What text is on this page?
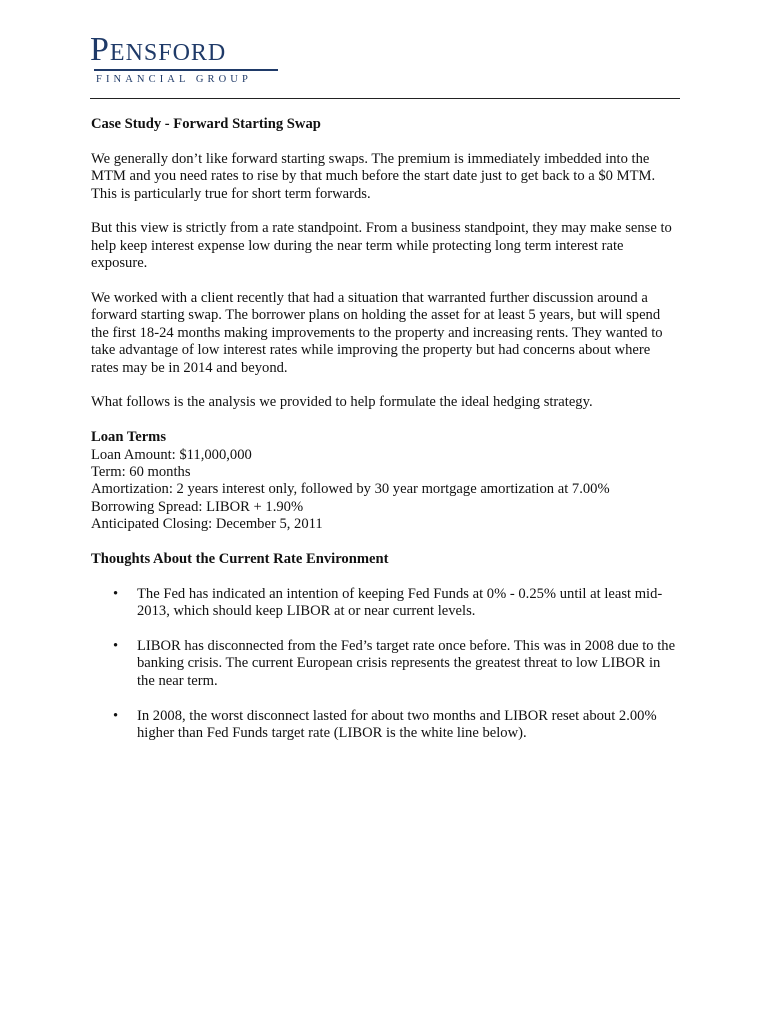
Pensford
FINANCIAL GROUP

Case Study - Forward Starting Swap

We generally don’t like forward starting swaps. The premium is immediately imbedded into the MTM and you need rates to rise by that much before the start date just to get back to a $0 MTM. This is particularly true for short term forwards.

But this view is strictly from a rate standpoint. From a business standpoint, they may make sense to help keep interest expense low during the near term while protecting long term interest rate exposure.

We worked with a client recently that had a situation that warranted further discussion around a forward starting swap. The borrower plans on holding the asset for at least 5 years, but will spend the first 18-24 months making improvements to the property and increasing rents. They wanted to take advantage of low interest rates while improving the property but had concerns about where rates may be in 2014 and beyond.

What follows is the analysis we provided to help formulate the ideal hedging strategy.

Loan Terms
Loan Amount: $11,000,000
Term: 60 months
Amortization: 2 years interest only, followed by 30 year mortgage amortization at 7.00%
Borrowing Spread: LIBOR + 1.90%
Anticipated Closing: December 5, 2011
Thoughts About the Current Rate Environment
• The Fed has indicated an intention of keeping Fed Funds at 0% - 0.25% until at least mid-2013, which should keep LIBOR at or near current levels.
• LIBOR has disconnected from the Fed’s target rate once before. This was in 2008 due to the banking crisis. The current European crisis represents the greatest threat to low LIBOR in the near term.
• In 2008, the worst disconnect lasted for about two months and LIBOR reset about 2.00% higher than Fed Funds target rate (LIBOR is the white line below).
